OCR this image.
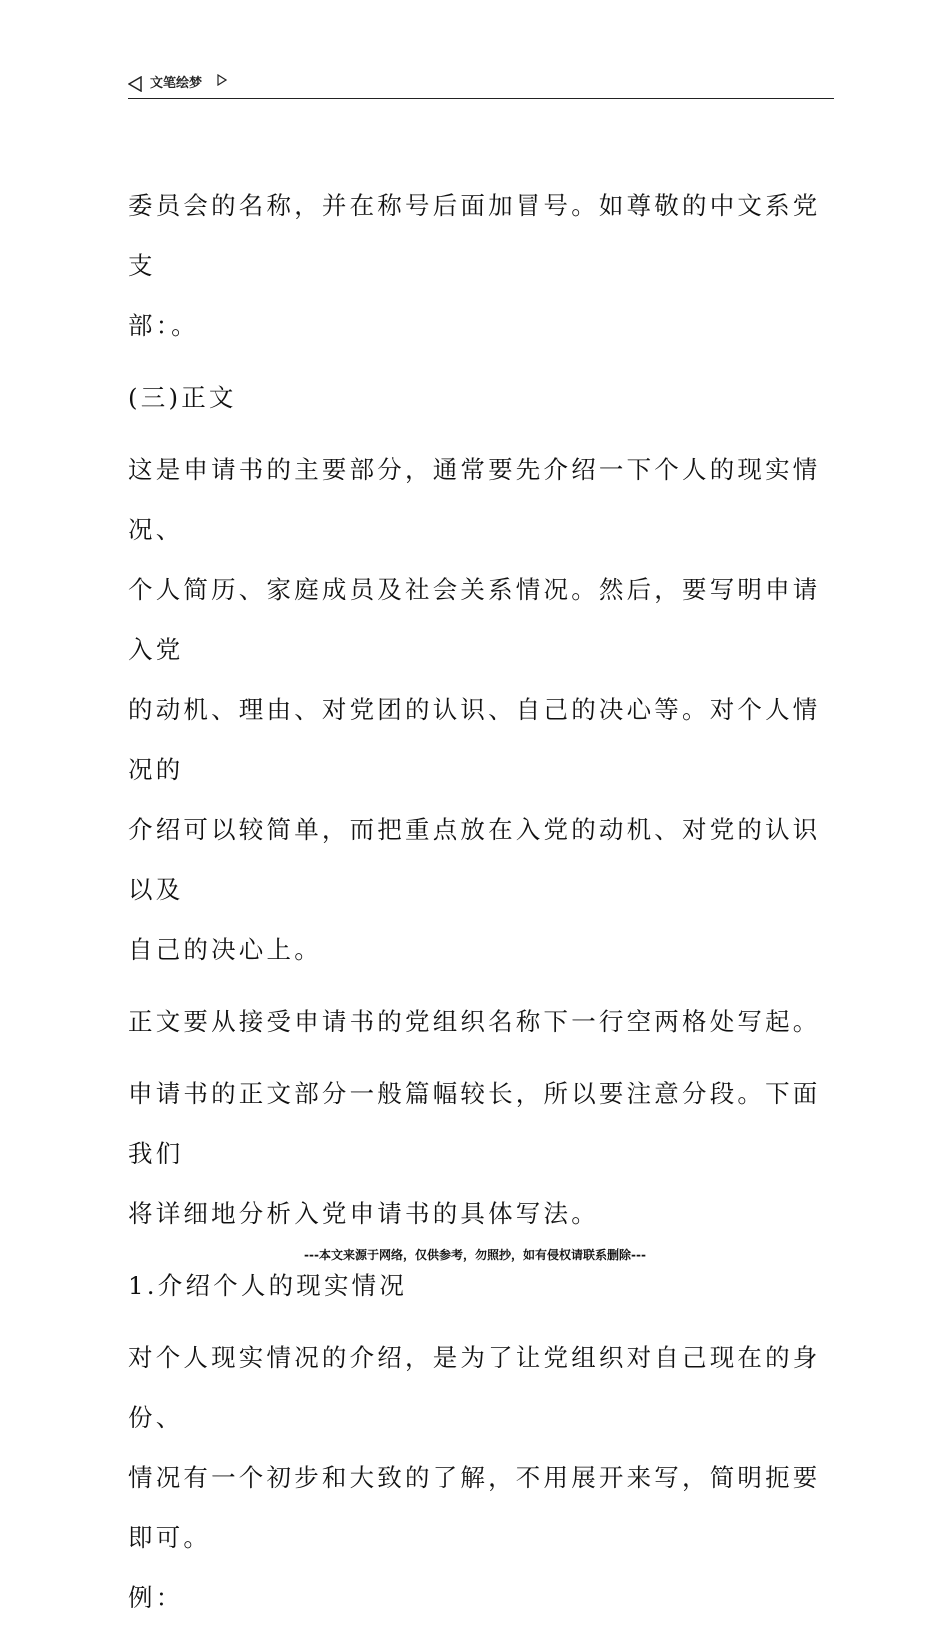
文笔绘梦

委员会的名称，并在称号后面加冒号。如尊敬的中文系党支
部：。

(三)正文

这是申请书的主要部分，通常要先介绍一下个人的现实情况、
个人简历、家庭成员及社会关系情况。然后，要写明申请入党
的动机、理由、对党团的认识、自己的决心等。对个人情况的
介绍可以较简单，而把重点放在入党的动机、对党的认识以及
自己的决心上。

正文要从接受申请书的党组织名称下一行空两格处写起。

申请书的正文部分一般篇幅较长，所以要注意分段。下面我们
将详细地分析入党申请书的具体写法。

1.介绍个人的现实情况

对个人现实情况的介绍，是为了让党组织对自己现在的身份、
情况有一个初步和大致的了解，不用展开来写，简明扼要即可。
例：

---本文来源于网络，仅供参考，勿照抄，如有侵权请联系删除---
